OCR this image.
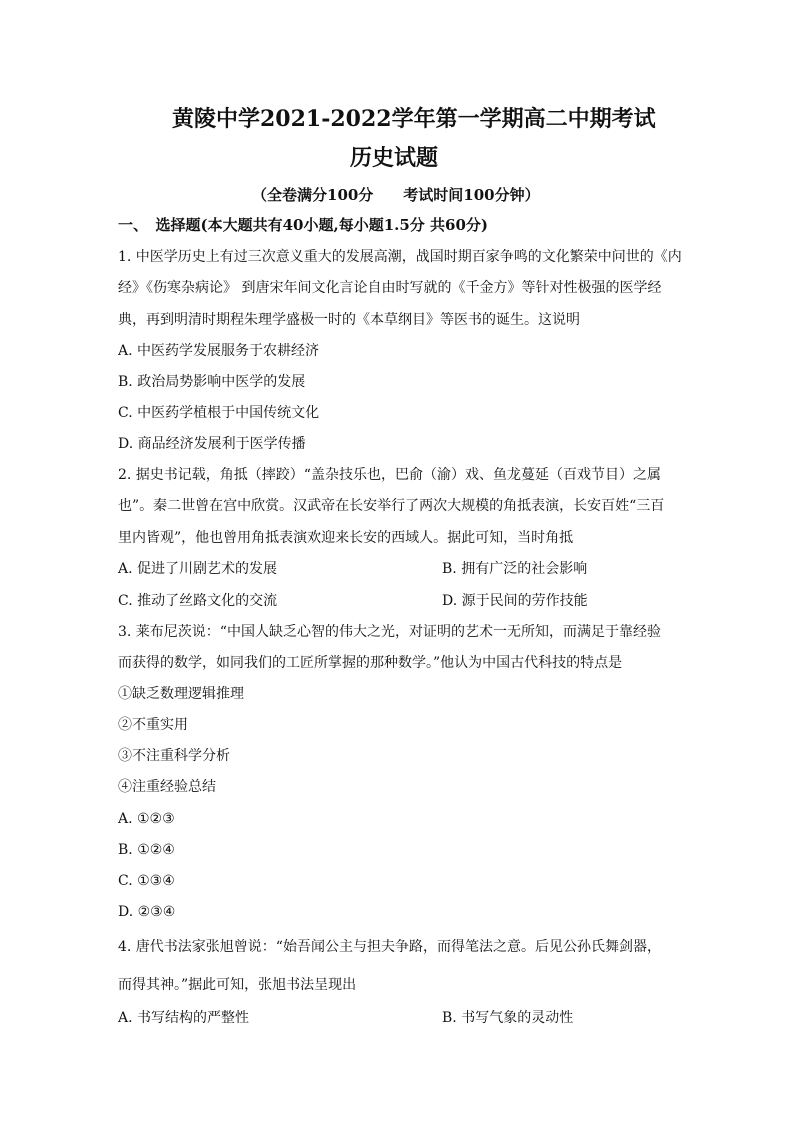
黄陵中学2021-2022学年第一学期高二中期考试
历史试题
（全卷满分100分　　考试时间100分钟）
一、　选择题(本大题共有40小题,每小题1.5分 共60分)
1. 中医学历史上有过三次意义重大的发展高潮，战国时期百家争鸣的文化繁荣中问世的《内
经》《伤寒杂病论》 到唐宋年间文化言论自由时写就的《千金方》等针对性极强的医学经
典，再到明清时期程朱理学盛极一时的《本草纲目》等医书的诞生。这说明
A. 中医药学发展服务于农耕经济
B. 政治局势影响中医学的发展
C. 中医药学植根于中国传统文化
D. 商品经济发展利于医学传播
2. 据史书记载，角抵（摔跤）“盖杂技乐也，巴俞（渝）戏、鱼龙蔓延（百戏节目）之属
也”。秦二世曾在宫中欣赏。汉武帝在长安举行了两次大规模的角抵表演，长安百姓“三百
里内皆观”，他也曾用角抵表演欢迎来长安的西域人。据此可知，当时角抵
A. 促进了川剧艺术的发展	B. 拥有广泛的社会影响
C. 推动了丝路文化的交流	D. 源于民间的劳作技能
3. 莱布尼茨说：“中国人缺乏心智的伟大之光，对证明的艺术一无所知，而满足于靠经验
而获得的数学，如同我们的工匠所掌握的那种数学。”他认为中国古代科技的特点是
①缺乏数理逻辑推理
②不重实用
③不注重科学分析
④注重经验总结
A. ①②③
B. ①②④
C. ①③④
D. ②③④
4. 唐代书法家张旭曾说：“始吾闻公主与担夫争路，而得笔法之意。后见公孙氏舞剑器，
而得其神。”据此可知，张旭书法呈现出
A. 书写结构的严整性	B. 书写气象的灵动性
